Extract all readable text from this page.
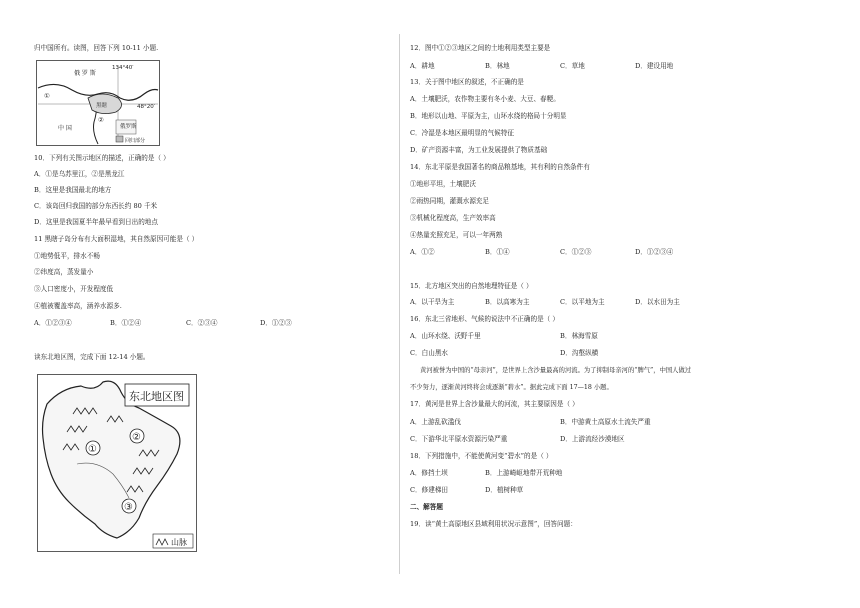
归中国所有。读图，回答下列 10-11 小题.
134°40′
48°20′
俄 罗 斯
俄罗斯
中 国
黑瞎
①
②
回归部分
10．下列有关图示地区的描述，正确的是（ ）
A．①是乌苏里江，②是黑龙江
B．这里是我国最北的地方
C．该岛回归我国的部分东西长约 80 千米
D．这里是我国夏半年最早看到日出的地点
11 黑瞎子岛分布有大面积湿地，其自然原因可能是（ ）
①地势低平，排水不畅
②纬度高，蒸发量小
③人口密度小，开发程度低
④植被覆盖率高，涵养水源多.
A．①②③④	B．①②④	C．②③④	D．①②③
读东北地区图，完成下面 12-14 小题。
东北地区图
①
②
③
山脉
12．图中①②③地区之间的土地利用类型主要是
A．耕地	B．林地	C．草地	D．建设用地
13．关于图中地区的叙述，不正确的是
A．土壤肥沃，农作物主要有冬小麦、大豆、春粳。
B．地形以山地、平原为主，山环水绕的格局十分明显
C．冷湿是本地区最明显的气候特征
D．矿产资源丰富，为工业发展提供了物质基础
14．东北平原是我国著名的商品粮基地，其有利的自然条件有
①地形平坦，土壤肥沃
②雨热同期，灌溉水源充足
③机械化程度高，生产效率高
④热量充照充足，可以一年两熟
A．①②	B．①④	C．①②③	D．①②③④
15．北方地区突出的自然地理特征是（ ）
A．以干旱为主	B．以高寒为主	C．以平地为主	D．以水田为主
16．东北三省地形、气候的说法中不正确的是（ ）
A．山环水绕、沃野千里	B．林海雪原
C．白山黑水	D．沟壑纵横
黄河被誉为中国的“母亲河”，是世界上含沙量最高的河流。为了抑制母亲河的“脾气”，中国人做过
不少努力，逐渐黄河终将会成逐渐“碧水”。据此完成下面 17—18 小题。
17．黄河是世界上含沙量最大的河流，其主要原因是（ ）
A．上游乱砍滥伐	B．中游黄土高原水土流失严重
C．下游华北平原水资源污染严重	D．上游流经沙漠地区
18．下列措施中，不能使黄河变“碧水”的是（ ）
A．修挡土坝	B．上游崎岖地带开荒种地
C．修建梯田	D．植树种草
二、解答题
19．读“黄土高原地区县域利用状况示意图”，回答问题：
